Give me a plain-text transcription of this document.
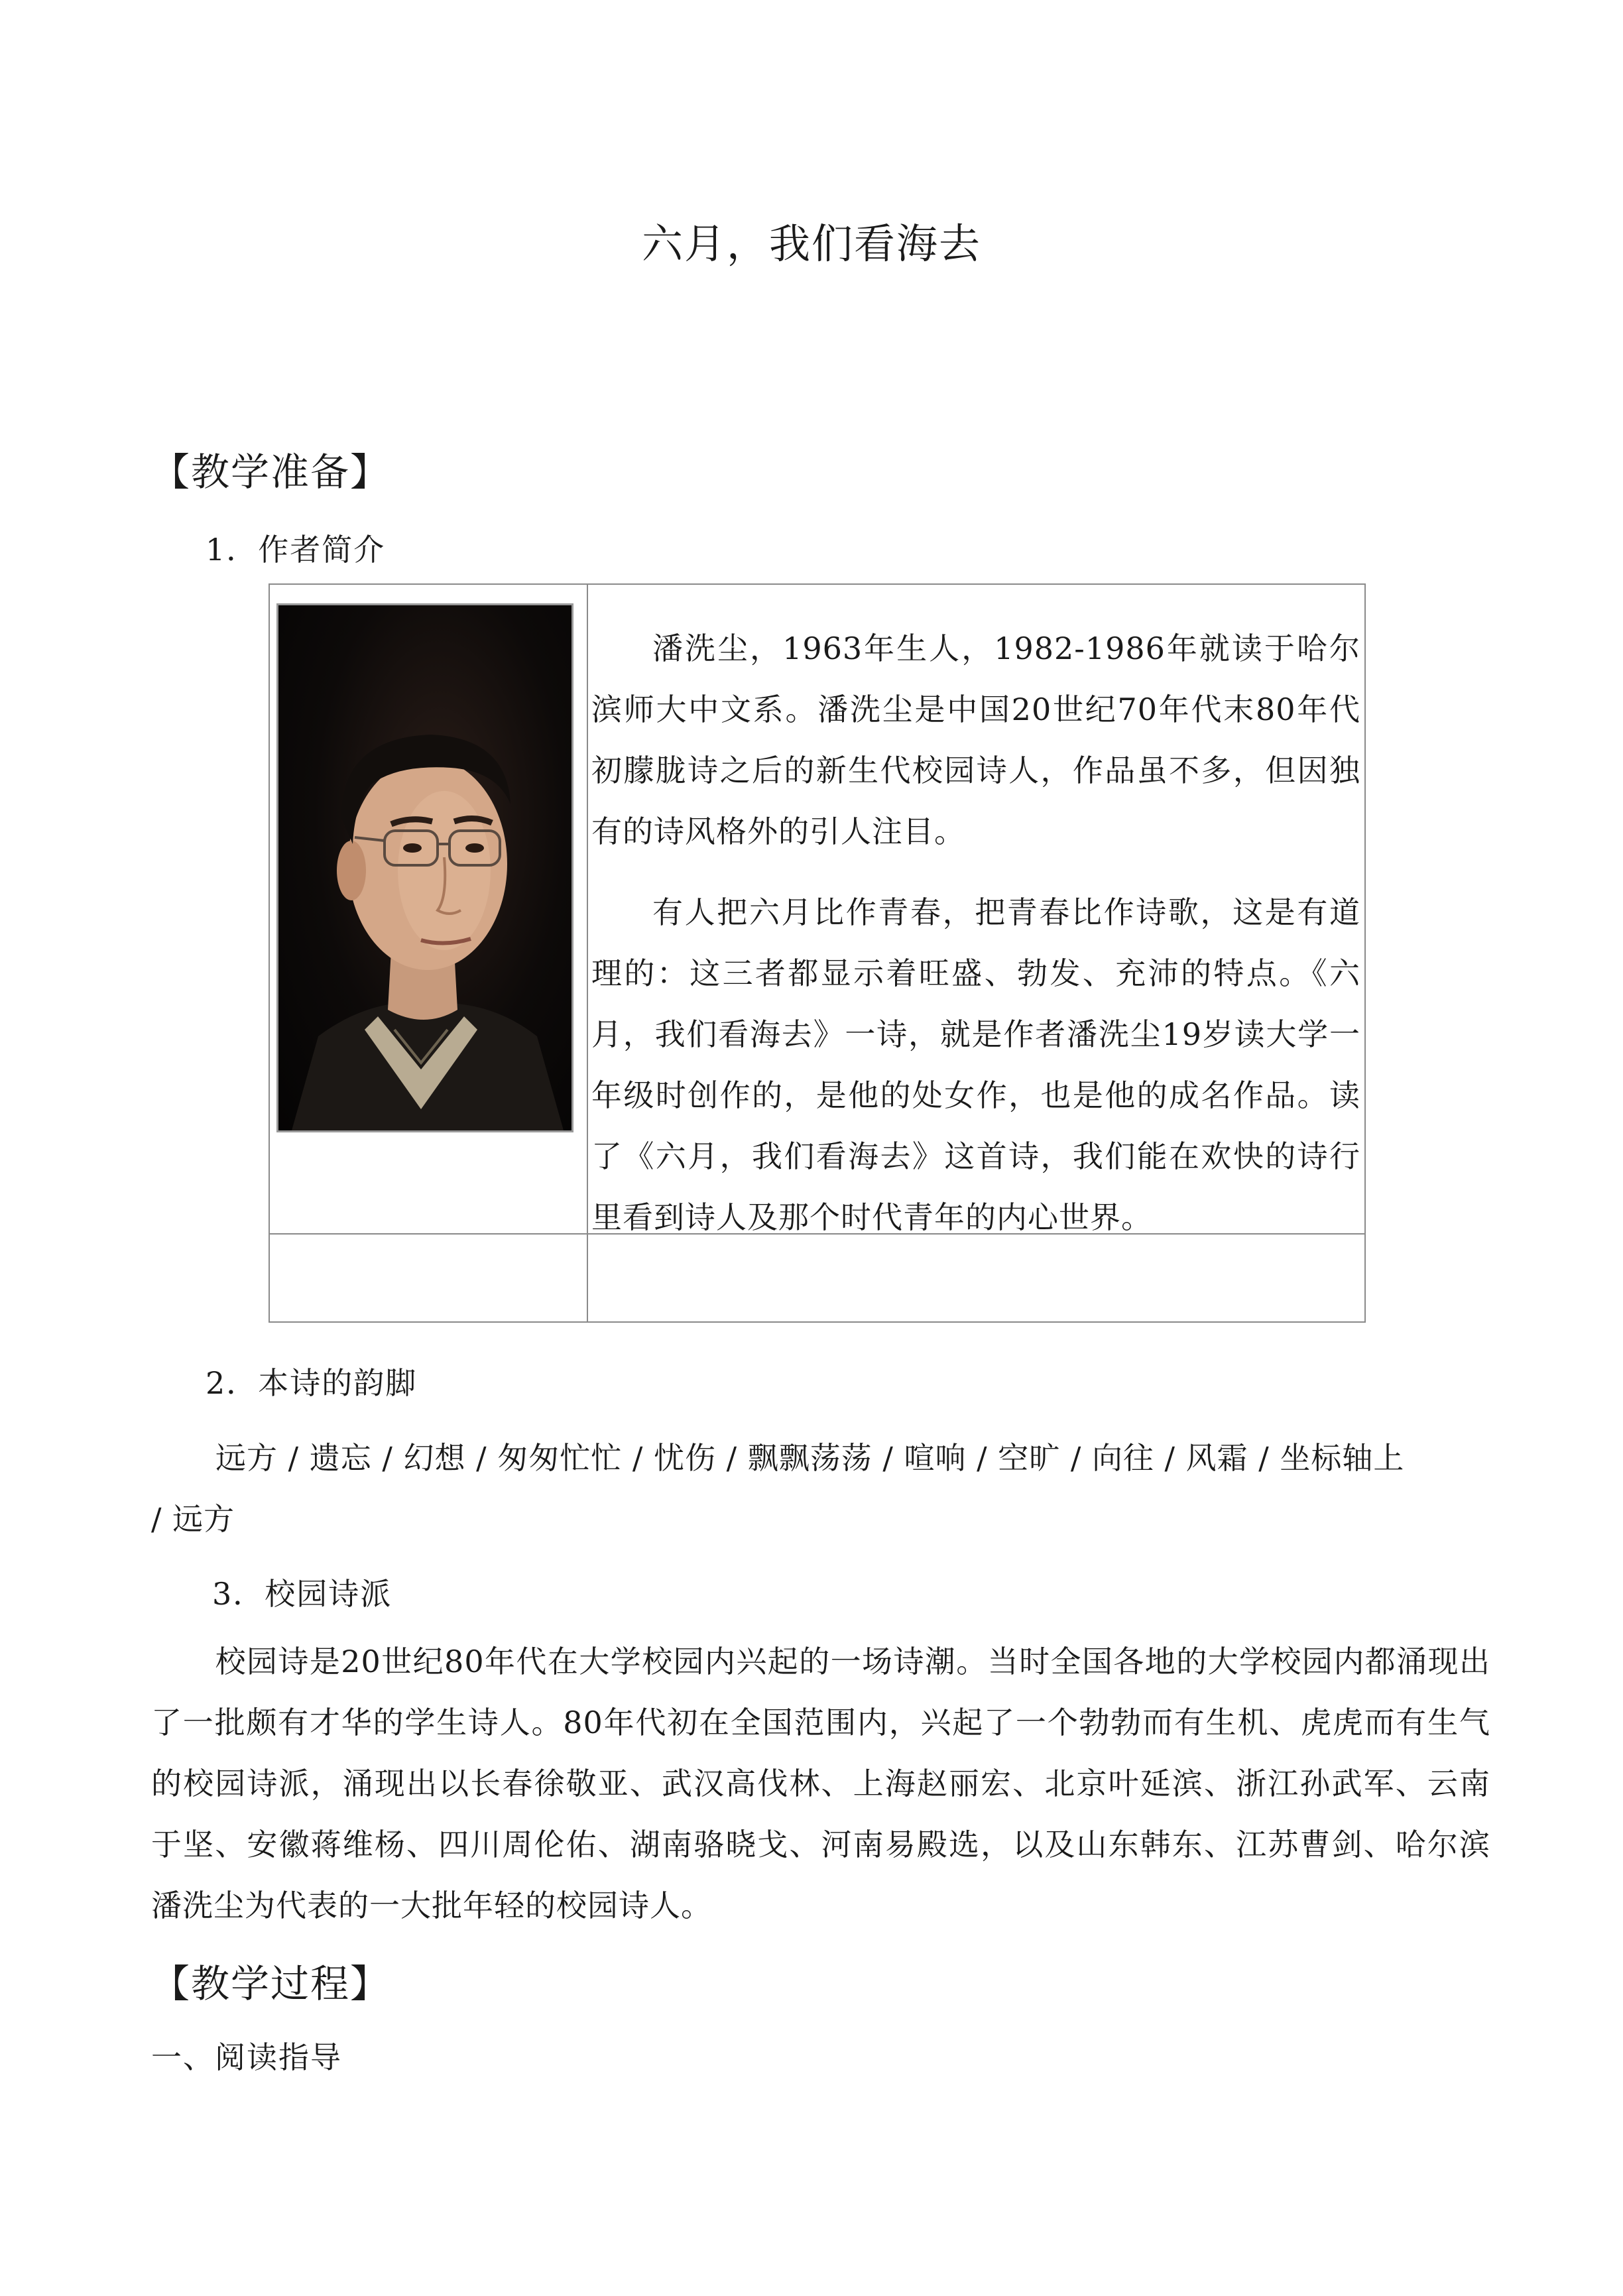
六月，我们看海去
【教学准备】
1．作者简介

潘洗尘，1963年生人，1982-1986年就读于哈尔滨师大中文系。潘洗尘是中国20世纪70年代末80年代初朦胧诗之后的新生代校园诗人，作品虽不多，但因独有的诗风格外的引人注目。

有人把六月比作青春，把青春比作诗歌，这是有道理的：这三者都显示着旺盛、勃发、充沛的特点。《六月，我们看海去》一诗，就是作者潘洗尘19岁读大学一年级时创作的，是他的处女作，也是他的成名作品。读了《六月，我们看海去》这首诗，我们能在欢快的诗行里看到诗人及那个时代青年的内心世界。

2．本诗的韵脚
远方 / 遗忘 / 幻想 / 匆匆忙忙 / 忧伤 / 飘飘荡荡 / 喧响 / 空旷 / 向往 / 风霜 / 坐标轴上
/ 远方
3．校园诗派
校园诗是20世纪80年代在大学校园内兴起的一场诗潮。当时全国各地的大学校园内都涌现出了一批颇有才华的学生诗人。80年代初在全国范围内，兴起了一个勃勃而有生机、虎虎而有生气的校园诗派，涌现出以长春徐敬亚、武汉高伐林、上海赵丽宏、北京叶延滨、浙江孙武军、云南于坚、安徽蒋维杨、四川周伦佑、湖南骆晓戈、河南易殿选，以及山东韩东、江苏曹剑、哈尔滨潘洗尘为代表的一大批年轻的校园诗人。
【教学过程】
一、阅读指导
